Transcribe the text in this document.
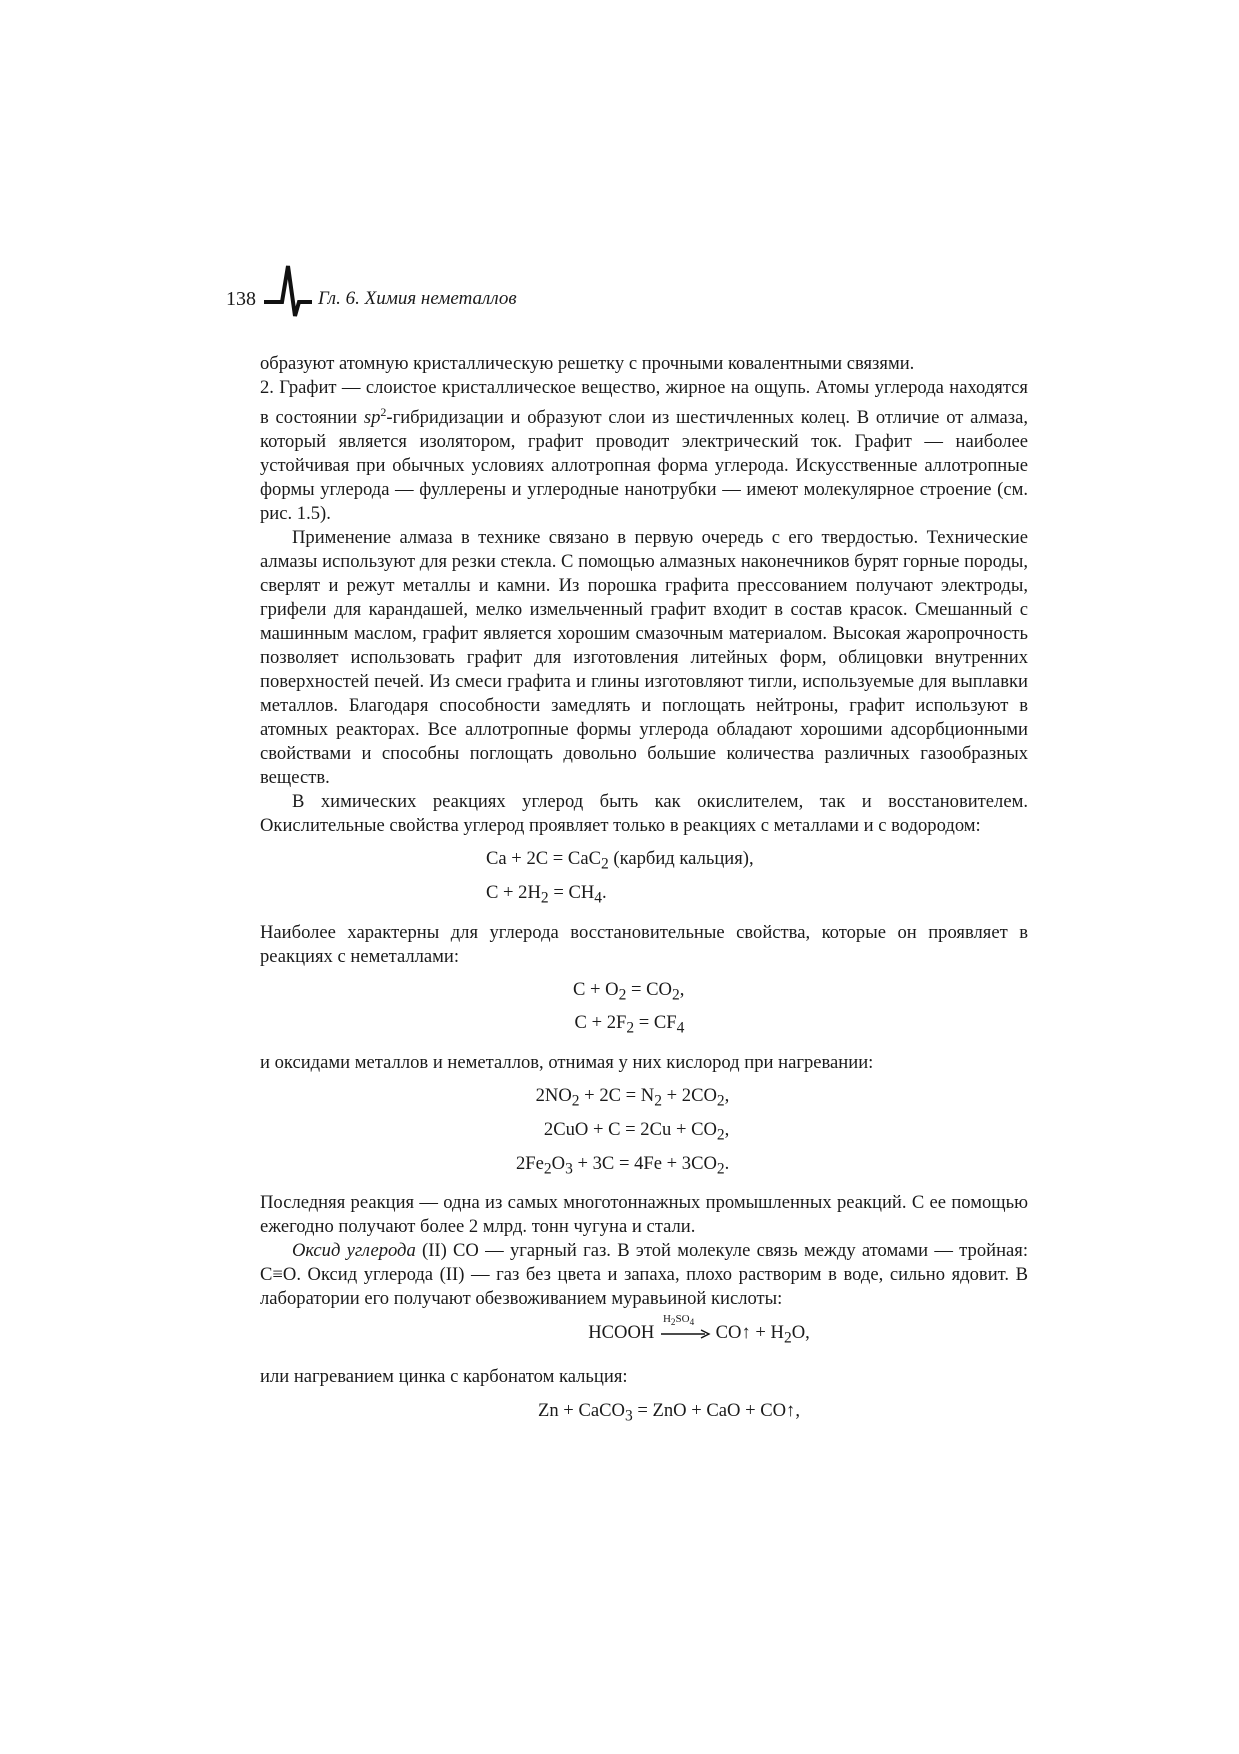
138	Гл. 6. Химия неметаллов

образуют атомную кристаллическую решетку с прочными ковалентными связями.

2. Графит — слоистое кристаллическое вещество, жирное на ощупь. Атомы углерода находятся в состоянии $sp^2$-гибридизации и образуют слои из шестичленных колец. В отличие от алмаза, который является изолятором, графит проводит электрический ток. Графит — наиболее устойчивая при обычных условиях аллотропная форма углерода. Искусственные аллотропные формы углерода — фуллерены и углеродные нанотрубки — имеют молекулярное строение (см. рис. 1.5).

Применение алмаза в технике связано в первую очередь с его твердостью. Технические алмазы используют для резки стекла. С помощью алмазных наконечников бурят горные породы, сверлят и режут металлы и камни. Из порошка графита прессованием получают электроды, грифели для карандашей, мелко измельченный графит входит в состав красок. Смешанный с машинным маслом, графит является хорошим смазочным материалом. Высокая жаропрочность позволяет использовать графит для изготовления литейных форм, облицовки внутренних поверхностей печей. Из смеси графита и глины изготовляют тигли, используемые для выплавки металлов. Благодаря способности замедлять и поглощать нейтроны, графит используют в атомных реакторах. Все аллотропные формы углерода обладают хорошими адсорбционными свойствами и способны поглощать довольно большие количества различных газообразных веществ.

В химических реакциях углерод быть как окислителем, так и восстановителем. Окислительные свойства углерод проявляет только в реакциях с металлами и с водородом:

Ca + 2C = CaC$_2$ (карбид кальция),
$C + 2H_2 = CH_4$.

Наиболее характерны для углерода восстановительные свойства, которые он проявляет в реакциях с неметаллами:

$C + O_2 = CO_2$,
$C + 2F_2 = CF_4$

и оксидами металлов и неметаллов, отнимая у них кислород при нагревании:

$2NO_2 + 2C = N_2 + 2CO_2$,
$2CuO + C = 2Cu + CO_2$,
$2Fe_2O_3 + 3C = 4Fe + 3CO_2$.

Последняя реакция — одна из самых многотоннажных промышленных реакций. С ее помощью ежегодно получают более 2 млрд. тонн чугуна и стали.

Оксид углерода (II) CO — угарный газ. В этой молекуле связь между атомами — тройная: C≡O. Оксид углерода (II) — газ без цвета и запаха, плохо растворим в воде, сильно ядовит. В лаборатории его получают обезвоживанием муравьиной кислоты:

HCOOH
$H_2SO_4$ CO↑ + $H_2O$,

или нагреванием цинка с карбонатом кальция:

Zn + CaCO$_3$ = ZnO + CaO + CO↑,
